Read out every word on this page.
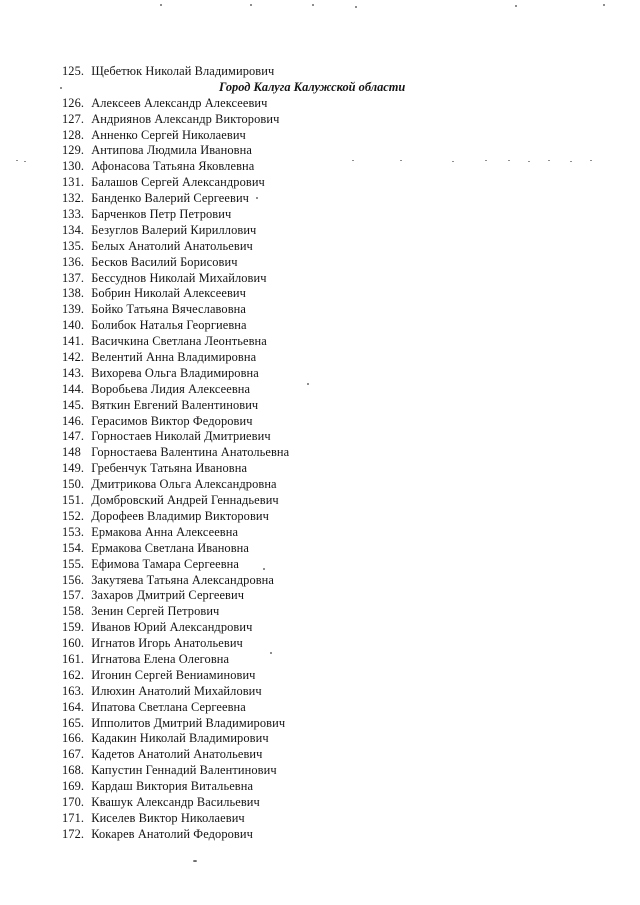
125. Щебетюк Николай Владимирович
Город Калуга Калужской области
126. Алексеев Александр Алексеевич
127. Андриянов Александр Викторович
128. Анненко Сергей Николаевич
129. Антипова Людмила Ивановна
130. Афонасова Татьяна Яковлевна
131. Балашов Сергей Александрович
132. Банденко Валерий Сергеевич
133. Барченков Петр Петрович
134. Безуглов Валерий Кириллович
135. Белых Анатолий Анатольевич
136. Бесков Василий Борисович
137. Бессуднов Николай Михайлович
138. Бобрин Николай Алексеевич
139. Бойко Татьяна Вячеславовна
140. Болибок Наталья Георгиевна
141. Васичкина Светлана Леонтьевна
142. Велентий Анна Владимировна
143. Вихорева Ольга Владимировна
144. Воробьева Лидия Алексеевна
145. Вяткин Евгений Валентинович
146. Герасимов Виктор Федорович
147. Горностаев Николай Дмитриевич
148 Горностаева Валентина Анатольевна
149. Гребенчук Татьяна Ивановна
150. Дмитрикова Ольга Александровна
151. Домбровский Андрей Геннадьевич
152. Дорофеев Владимир Викторович
153. Ермакова Анна Алексеевна
154. Ермакова Светлана Ивановна
155. Ефимова Тамара Сергеевна
156. Закутяева Татьяна Александровна
157. Захаров Дмитрий Сергеевич
158. Зенин Сергей Петрович
159. Иванов Юрий Александрович
160. Игнатов Игорь Анатольевич
161. Игнатова Елена Олеговна
162. Игонин Сергей Вениаминович
163. Илюхин Анатолий Михайлович
164. Ипатова Светлана Сергеевна
165. Ипполитов Дмитрий Владимирович
166. Кадакин Николай Владимирович
167. Кадетов Анатолий Анатольевич
168. Капустин Геннадий Валентинович
169. Кардаш Виктория Витальевна
170. Квашук Александр Васильевич
171. Киселев Виктор Николаевич
172. Кокарев Анатолий Федорович
